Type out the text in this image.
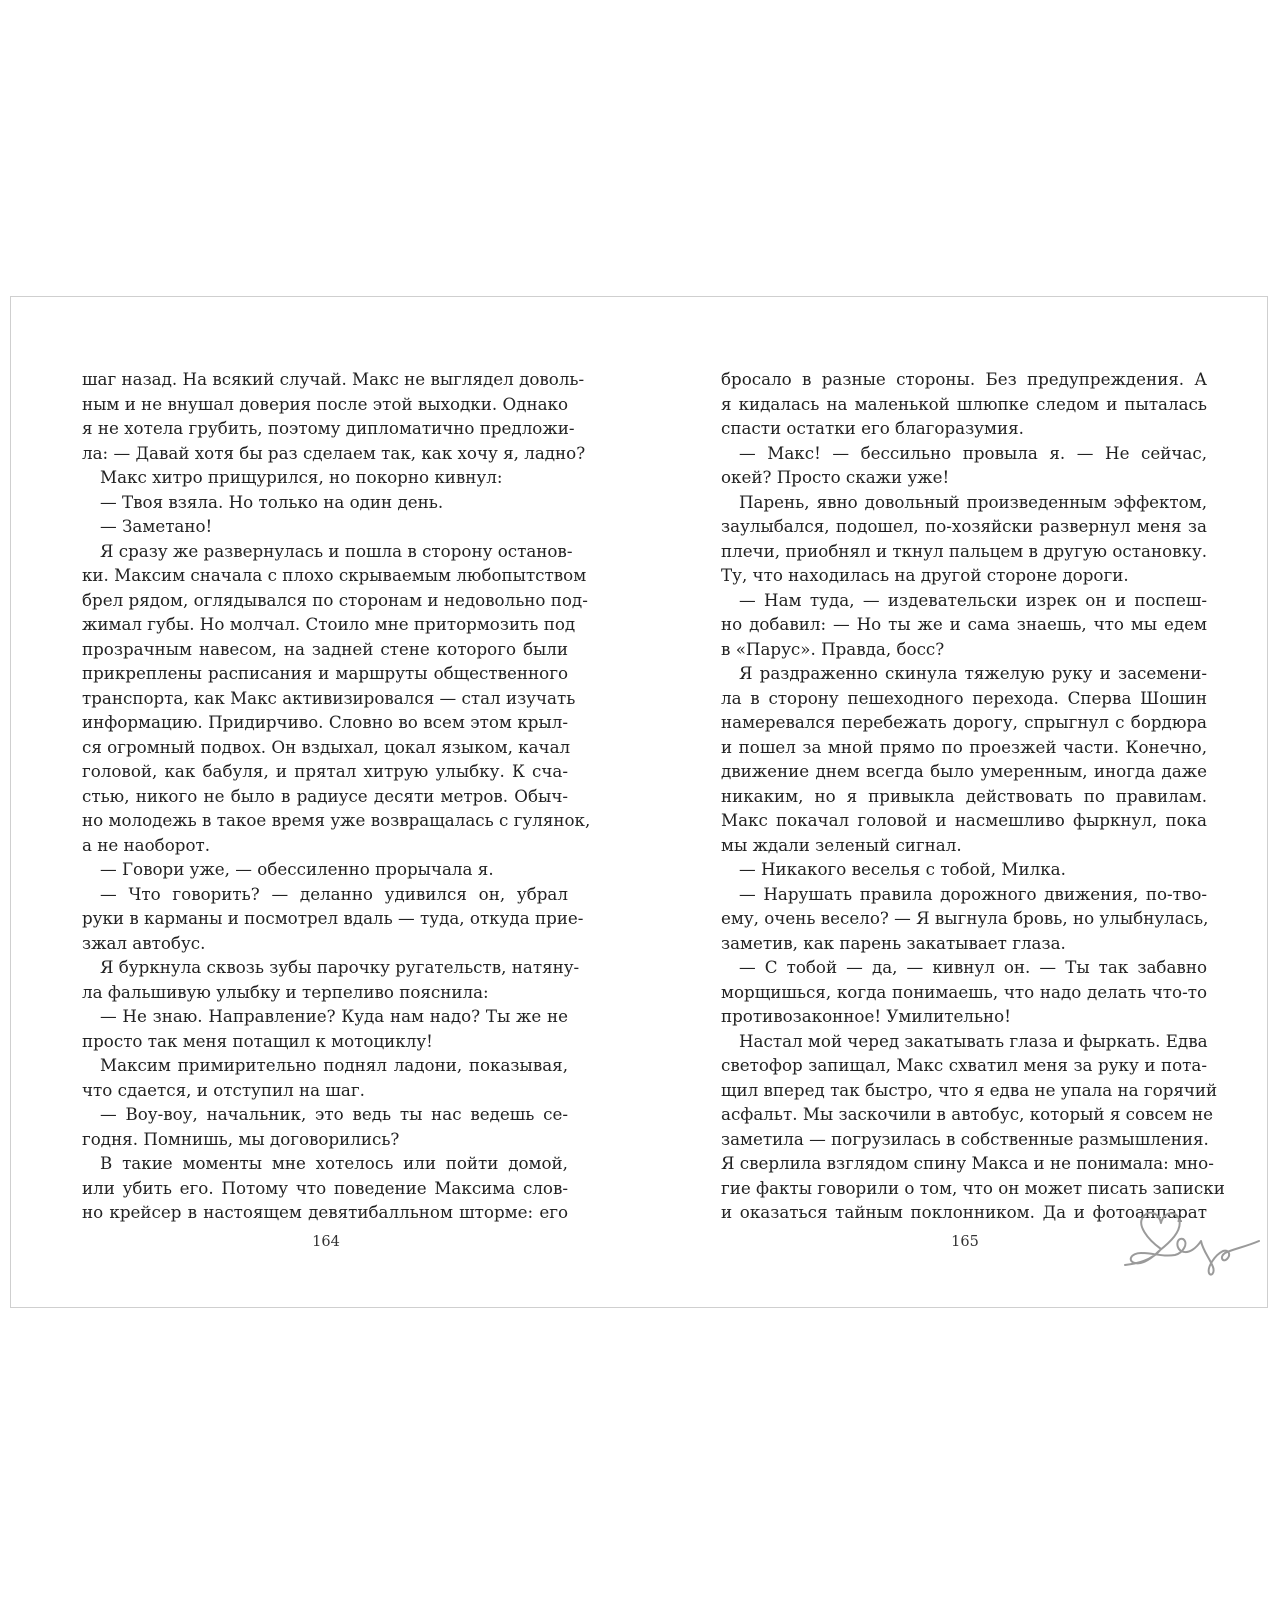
шаг назад. На всякий случай. Макс не выглядел доволь-
ным и не внушал доверия после этой выходки. Однако
я не хотела грубить, поэтому дипломатично предложи-
ла: — Давай хотя бы раз сделаем так, как хочу я, ладно?
Макс хитро прищурился, но покорно кивнул:
— Твоя взяла. Но только на один день.
— Заметано!
Я сразу же развернулась и пошла в сторону останов-
ки. Максим сначала с плохо скрываемым любопытством
брел рядом, оглядывался по сторонам и недовольно под-
жимал губы. Но молчал. Стоило мне притормозить под
прозрачным навесом, на задней стене которого были
прикреплены расписания и маршруты общественного
транспорта, как Макс активизировался — стал изучать
информацию. Придирчиво. Словно во всем этом крыл-
ся огромный подвох. Он вздыхал, цокал языком, качал
головой, как бабуля, и прятал хитрую улыбку. К сча-
стью, никого не было в радиусе десяти метров. Обыч-
но молодежь в такое время уже возвращалась с гулянок,
а не наоборот.
— Говори уже, — обессиленно прорычала я.
— Что говорить? — деланно удивился он, убрал
руки в карманы и посмотрел вдаль — туда, откуда прие-
зжал автобус.
Я буркнула сквозь зубы парочку ругательств, натяну-
ла фальшивую улыбку и терпеливо пояснила:
— Не знаю. Направление? Куда нам надо? Ты же не
просто так меня потащил к мотоциклу!
Максим примирительно поднял ладони, показывая,
что сдается, и отступил на шаг.
— Воу-воу, начальник, это ведь ты нас ведешь се-
годня. Помнишь, мы договорились?
В такие моменты мне хотелось или пойти домой,
или убить его. Потому что поведение Максима слов-
но крейсер в настоящем девятибалльном шторме: его
бросало в разные стороны. Без предупреждения. А
я кидалась на маленькой шлюпке следом и пыталась
спасти остатки его благоразумия.
— Макс! — бессильно провыла я. — Не сейчас,
окей? Просто скажи уже!
Парень, явно довольный произведенным эффектом,
заулыбался, подошел, по-хозяйски развернул меня за
плечи, приобнял и ткнул пальцем в другую остановку.
Ту, что находилась на другой стороне дороги.
— Нам туда, — издевательски изрек он и поспеш-
но добавил: — Но ты же и сама знаешь, что мы едем
в «Парус». Правда, босс?
Я раздраженно скинула тяжелую руку и засемени-
ла в сторону пешеходного перехода. Сперва Шошин
намеревался перебежать дорогу, спрыгнул с бордюра
и пошел за мной прямо по проезжей части. Конечно,
движение днем всегда было умеренным, иногда даже
никаким, но я привыкла действовать по правилам.
Макс покачал головой и насмешливо фыркнул, пока
мы ждали зеленый сигнал.
— Никакого веселья с тобой, Милка.
— Нарушать правила дорожного движения, по-тво-
ему, очень весело? — Я выгнула бровь, но улыбнулась,
заметив, как парень закатывает глаза.
— С тобой — да, — кивнул он. — Ты так забавно
морщишься, когда понимаешь, что надо делать что-то
противозаконное! Умилительно!
Настал мой черед закатывать глаза и фыркать. Едва
светофор запищал, Макс схватил меня за руку и пота-
щил вперед так быстро, что я едва не упала на горячий
асфальт. Мы заскочили в автобус, который я совсем не
заметила — погрузилась в собственные размышления.
Я сверлила взглядом спину Макса и не понимала: мно-
гие факты говорили о том, что он может писать записки
и оказаться тайным поклонником. Да и фотоаппарат
164	165
